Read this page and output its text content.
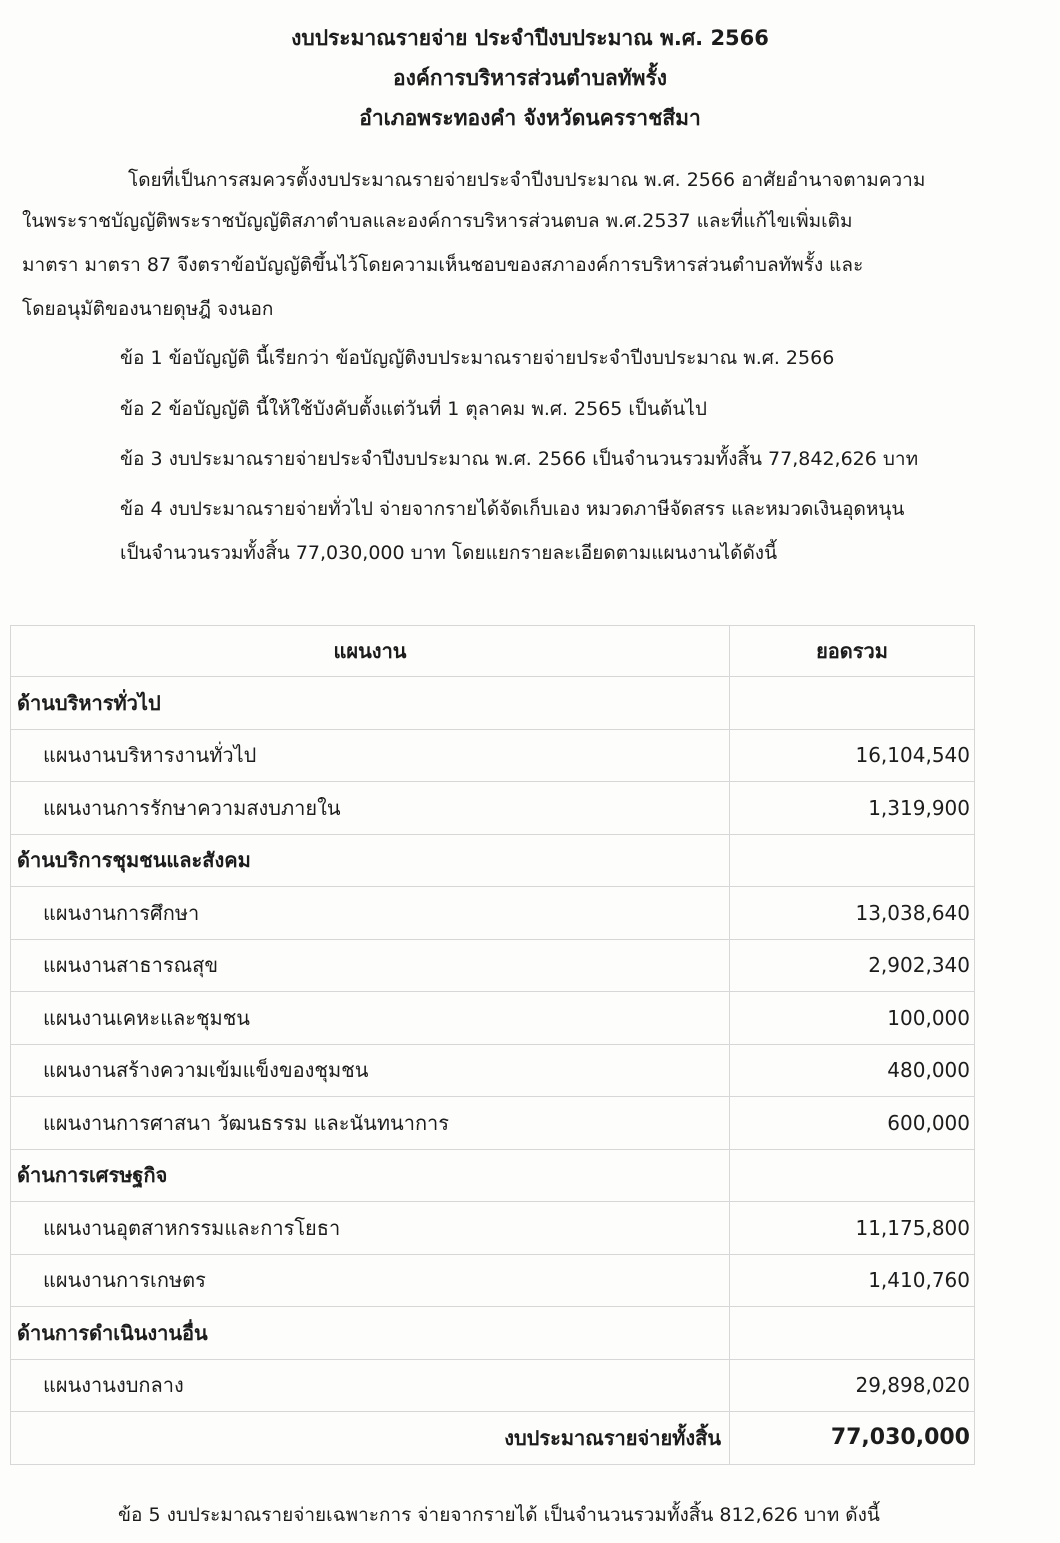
งบประมาณรายจ่าย ประจำปีงบประมาณ พ.ศ. 2566
องค์การบริหารส่วนตำบลทัพรั้ง
อำเภอพระทองคำ จังหวัดนครราชสีมา
โดยที่เป็นการสมควรตั้งงบประมาณรายจ่ายประจำปีงบประมาณ พ.ศ. 2566 อาศัยอำนาจตามความ
ในพระราชบัญญัติพระราชบัญญัติสภาตำบลและองค์การบริหารส่วนตบล พ.ศ.2537 และที่แก้ไขเพิ่มเติม
มาตรา มาตรา 87 จึงตราข้อบัญญัติขึ้นไว้โดยความเห็นชอบของสภาองค์การบริหารส่วนตำบลทัพรั้ง และ
โดยอนุมัติของนายดุษฎี จงนอก
ข้อ 1 ข้อบัญญัติ นี้เรียกว่า ข้อบัญญัติงบประมาณรายจ่ายประจำปีงบประมาณ พ.ศ. 2566
ข้อ 2 ข้อบัญญัติ นี้ให้ใช้บังคับตั้งแต่วันที่ 1 ตุลาคม พ.ศ. 2565 เป็นต้นไป
ข้อ 3 งบประมาณรายจ่ายประจำปีงบประมาณ พ.ศ. 2566 เป็นจำนวนรวมทั้งสิ้น 77,842,626 บาท
ข้อ 4 งบประมาณรายจ่ายทั่วไป จ่ายจากรายได้จัดเก็บเอง หมวดภาษีจัดสรร และหมวดเงินอุดหนุน
เป็นจำนวนรวมทั้งสิ้น 77,030,000 บาท โดยแยกรายละเอียดตามแผนงานได้ดังนี้
แผนงาน	ยอดรวม
ด้านบริหารทั่วไป	
แผนงานบริหารงานทั่วไป	16,104,540
แผนงานการรักษาความสงบภายใน	1,319,900
ด้านบริการชุมชนและสังคม	
แผนงานการศึกษา	13,038,640
แผนงานสาธารณสุข	2,902,340
แผนงานเคหะและชุมชน	100,000
แผนงานสร้างความเข้มแข็งของชุมชน	480,000
แผนงานการศาสนา วัฒนธรรม และนันทนาการ	600,000
ด้านการเศรษฐกิจ	
แผนงานอุตสาหกรรมและการโยธา	11,175,800
แผนงานการเกษตร	1,410,760
ด้านการดำเนินงานอื่น	
แผนงานงบกลาง	29,898,020
งบประมาณรายจ่ายทั้งสิ้น	77,030,000
ข้อ 5 งบประมาณรายจ่ายเฉพาะการ จ่ายจากรายได้ เป็นจำนวนรวมทั้งสิ้น 812,626 บาท ดังนี้
